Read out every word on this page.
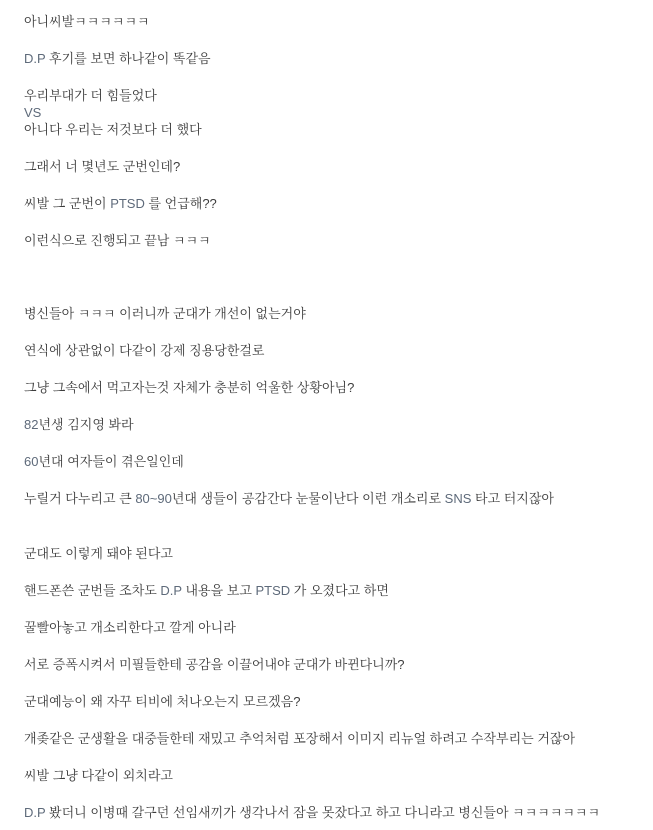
아니씨발ㅋㅋㅋㅋㅋㅋ

D.P 후기를 보면 하나같이 똑같음

우리부대가 더 힘들었다

VS

아니다 우리는 저것보다 더 했다

그래서 너 몇년도 군번인데?

씨발 그 군번이 PTSD 를 언급해??

이런식으로 진행되고 끝남 ㅋㅋㅋ

병신들아 ㅋㅋㅋ 이러니까 군대가 개선이 없는거야

연식에 상관없이 다같이 강제 징용당한걸로

그냥 그속에서 먹고자는것 자체가 충분히 억울한 상황아님?

82년생 김지영 봐라

60년대 여자들이 겪은일인데

누릴거 다누리고 큰 80~90년대 생들이 공감간다 눈물이난다 이런 개소리로 SNS 타고 터지잖아

군대도 이렇게 돼야 된다고

핸드폰쓴 군번들 조차도 D.P 내용을 보고 PTSD 가 오졌다고 하면

꿀빨아놓고 개소리한다고 깔게 아니라

서로 증폭시켜서 미필들한테 공감을 이끌어내야 군대가 바뀐다니까?

군대예능이 왜 자꾸 티비에 처나오는지 모르겠음?

개좆같은 군생활을 대중들한테 재밌고 추억처럼 포장해서 이미지 리뉴얼 하려고 수작부리는 거잖아

씨발 그냥 다같이 외치라고

D.P 봤더니 이병때 갈구던 선임새끼가 생각나서 잠을 못잤다고 하고 다니라고 병신들아 ㅋㅋㅋㅋㅋㅋㅋ
